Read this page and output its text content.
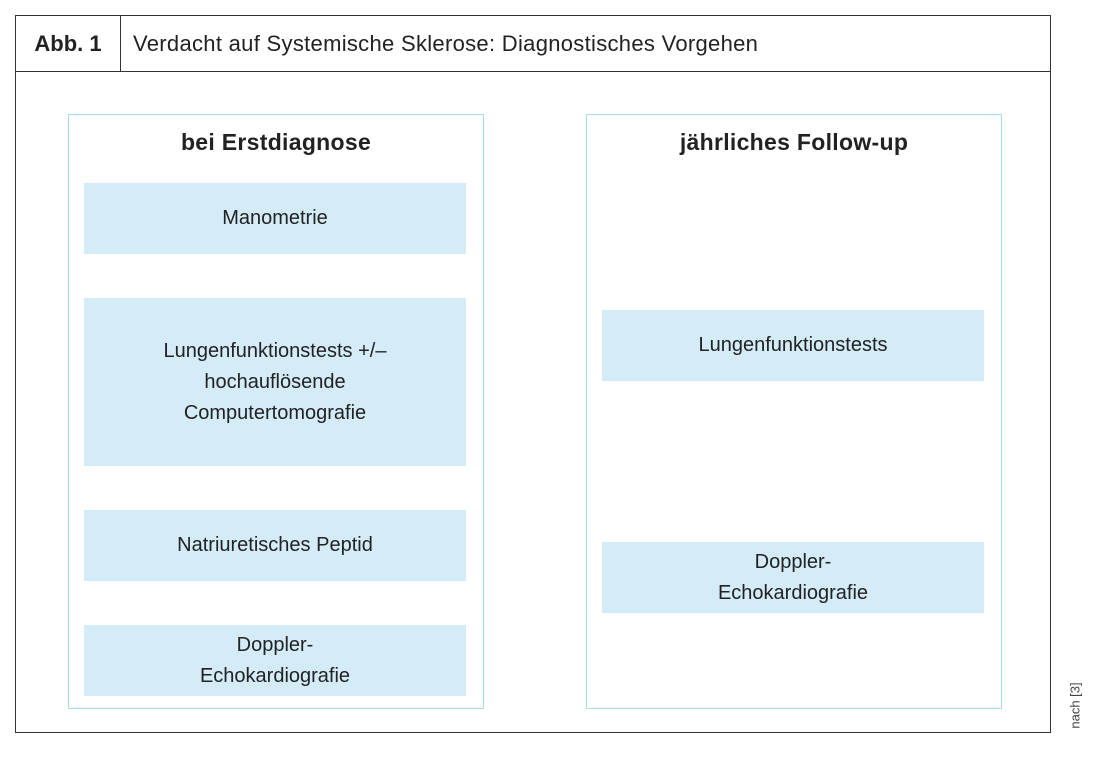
Abb. 1	Verdacht auf Systemische Sklerose: Diagnostisches Vorgehen
bei Erstdiagnose
Manometrie
Lungenfunktionstests +/–
hochauflösende
Computertomografie
Natriuretisches Peptid
Doppler-
Echokardiografie
jährliches Follow-up
Lungenfunktionstests
Doppler-
Echokardiografie
nach [3]
